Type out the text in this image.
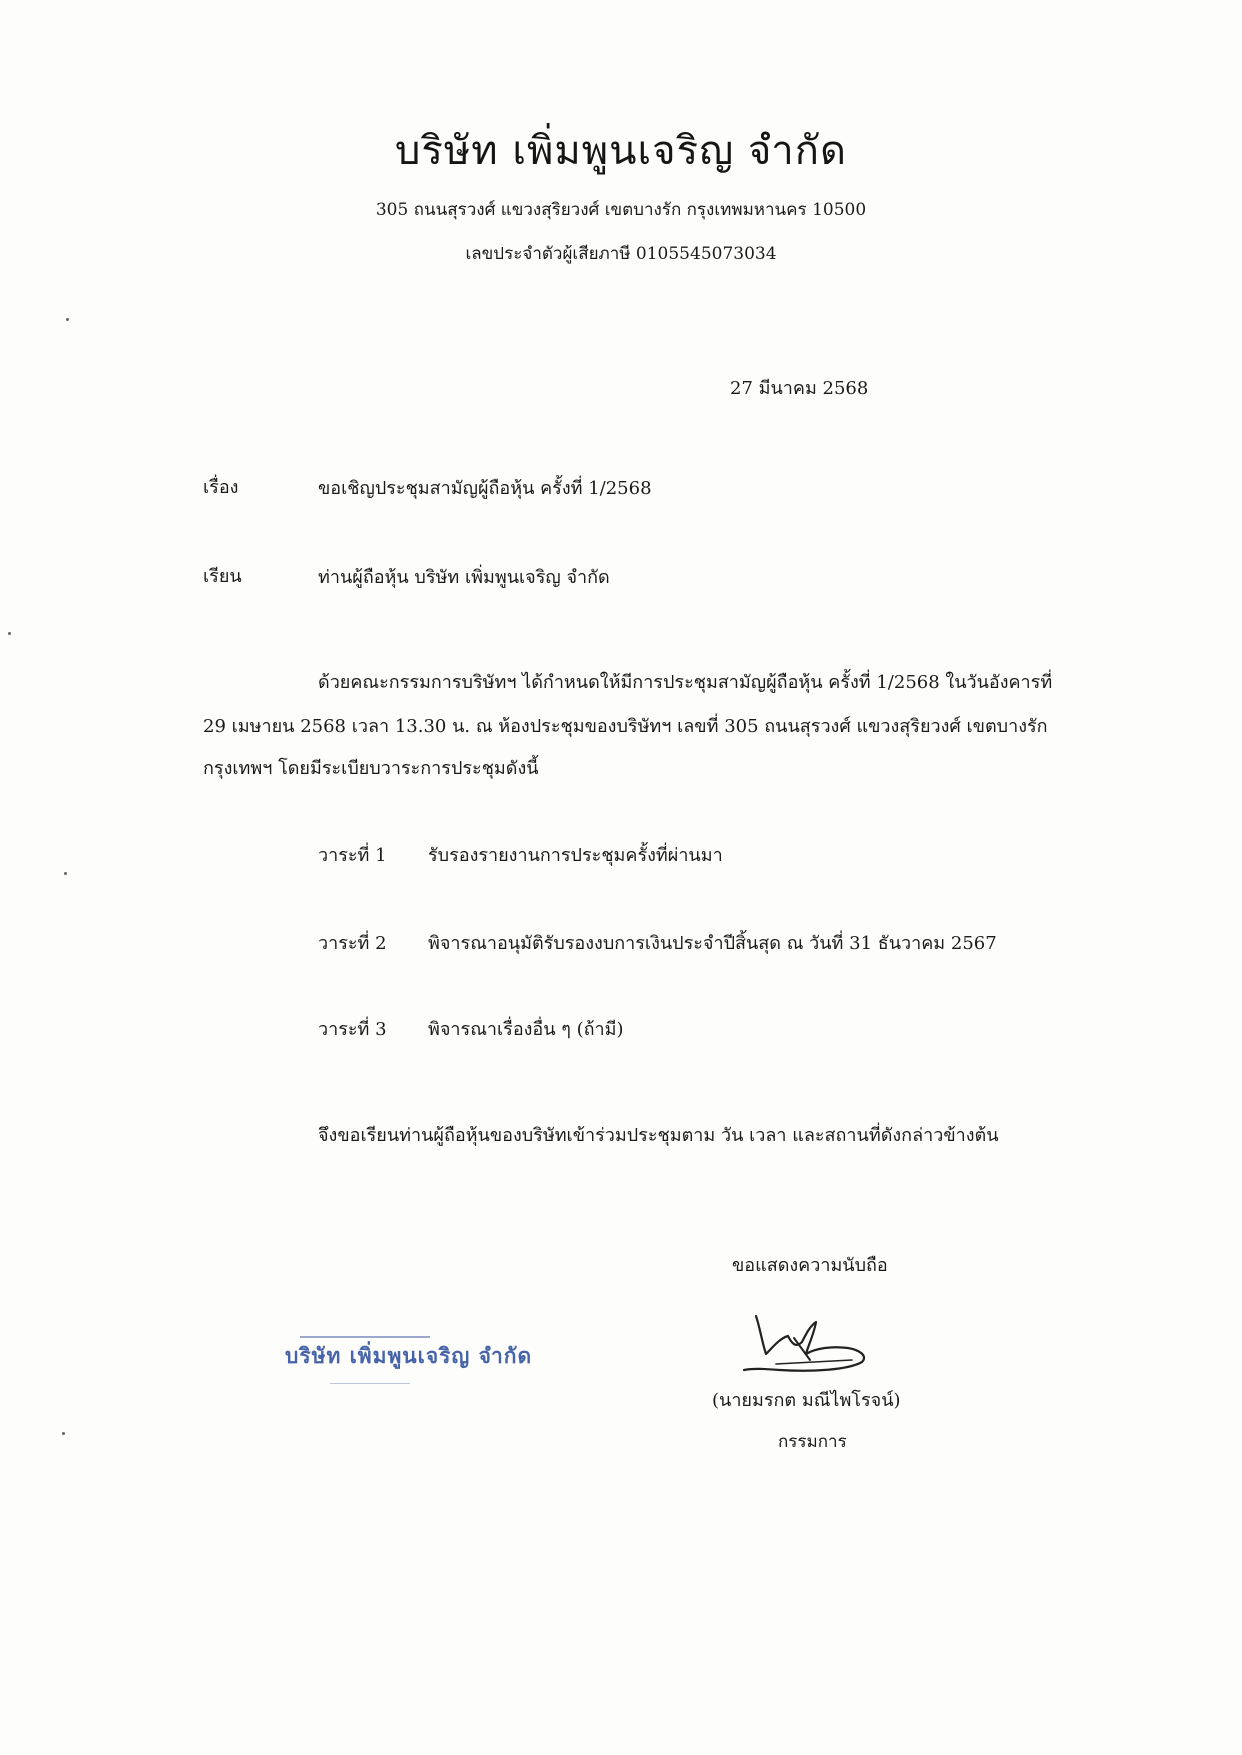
บริษัท เพิ่มพูนเจริญ จำกัด
305 ถนนสุรวงศ์ แขวงสุริยวงศ์ เขตบางรัก กรุงเทพมหานคร 10500
เลขประจำตัวผู้เสียภาษี 0105545073034
27 มีนาคม 2568
เรื่อง	ขอเชิญประชุมสามัญผู้ถือหุ้น ครั้งที่ 1/2568
เรียน	ท่านผู้ถือหุ้น บริษัท เพิ่มพูนเจริญ จำกัด
ด้วยคณะกรรมการบริษัทฯ ได้กำหนดให้มีการประชุมสามัญผู้ถือหุ้น ครั้งที่ 1/2568 ในวันอังคารที่
29 เมษายน 2568 เวลา 13.30 น. ณ ห้องประชุมของบริษัทฯ เลขที่ 305 ถนนสุรวงศ์ แขวงสุริยวงศ์ เขตบางรัก
กรุงเทพฯ โดยมีระเบียบวาระการประชุมดังนี้
วาระที่ 1 รับรองรายงานการประชุมครั้งที่ผ่านมา
วาระที่ 2 พิจารณาอนุมัติรับรองงบการเงินประจำปีสิ้นสุด ณ วันที่ 31 ธันวาคม 2567
วาระที่ 3 พิจารณาเรื่องอื่น ๆ (ถ้ามี)
จึงขอเรียนท่านผู้ถือหุ้นของบริษัทเข้าร่วมประชุมตาม วัน เวลา และสถานที่ดังกล่าวข้างต้น
ขอแสดงความนับถือ
บริษัท เพิ่มพูนเจริญ จำกัด
(นายมรกต มณีไพโรจน์)
กรรมการ
